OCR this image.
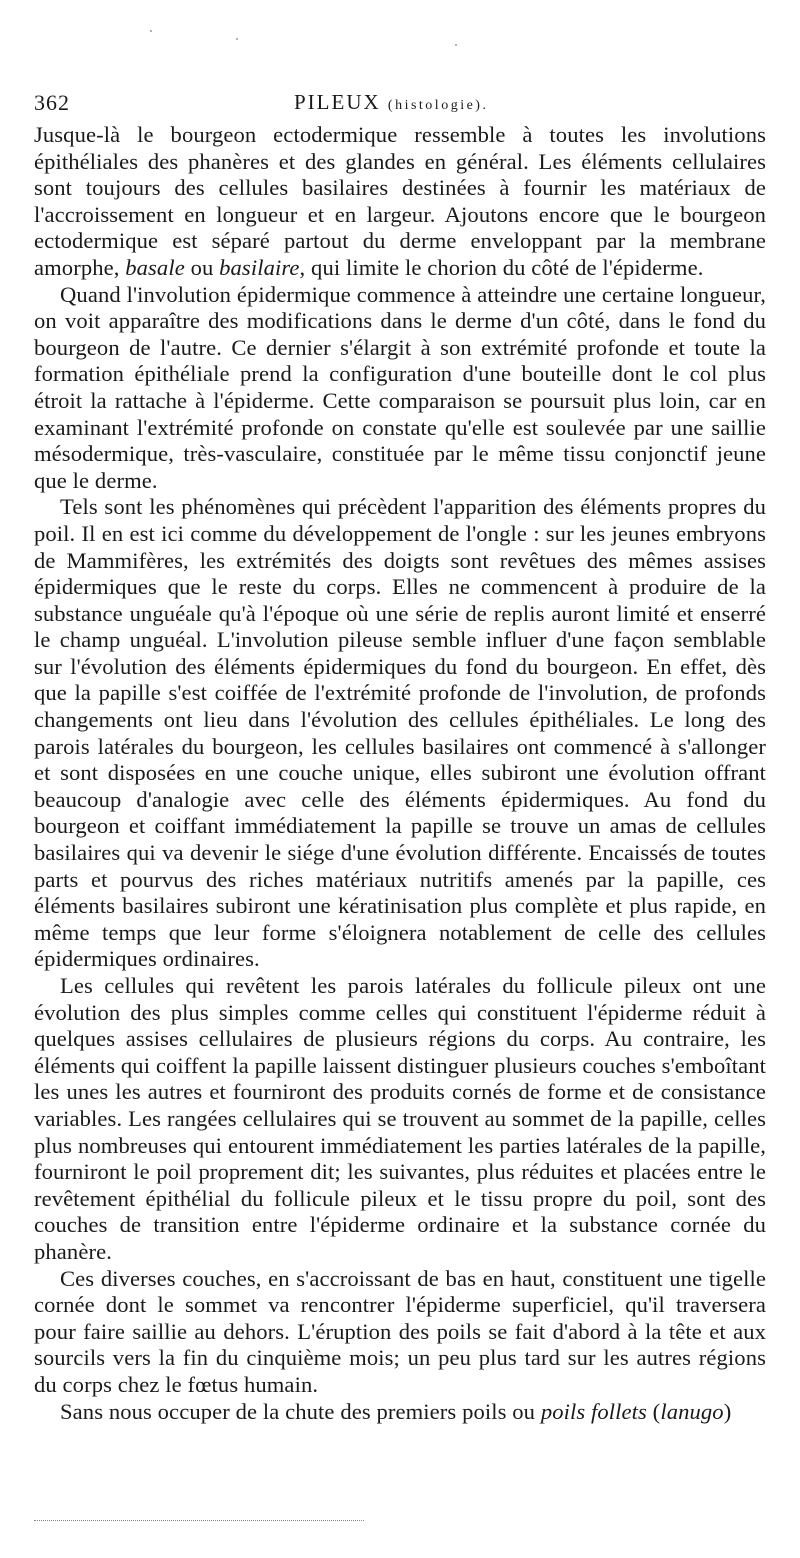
362	PILEUX (histologie).

Jusque-là le bourgeon ectodermique ressemble à toutes les involutions épithéliales des phanères et des glandes en général. Les éléments cellulaires sont toujours des cellules basilaires destinées à fournir les matériaux de l'accroissement en longueur et en largeur. Ajoutons encore que le bourgeon ectodermique est séparé partout du derme enveloppant par la membrane amorphe, basale ou basilaire, qui limite le chorion du côté de l'épiderme.

Quand l'involution épidermique commence à atteindre une certaine longueur, on voit apparaître des modifications dans le derme d'un côté, dans le fond du bourgeon de l'autre. Ce dernier s'élargit à son extrémité profonde et toute la formation épithéliale prend la configuration d'une bouteille dont le col plus étroit la rattache à l'épiderme. Cette comparaison se poursuit plus loin, car en examinant l'extrémité profonde on constate qu'elle est soulevée par une saillie mésodermique, très-vasculaire, constituée par le même tissu conjonctif jeune que le derme.

Tels sont les phénomènes qui précèdent l'apparition des éléments propres du poil. Il en est ici comme du développement de l'ongle : sur les jeunes embryons de Mammifères, les extrémités des doigts sont revêtues des mêmes assises épidermiques que le reste du corps. Elles ne commencent à produire de la substance unguéale qu'à l'époque où une série de replis auront limité et enserré le champ unguéal. L'involution pileuse semble influer d'une façon semblable sur l'évolution des éléments épidermiques du fond du bourgeon. En effet, dès que la papille s'est coiffée de l'extrémité profonde de l'involution, de profonds changements ont lieu dans l'évolution des cellules épithéliales. Le long des parois latérales du bourgeon, les cellules basilaires ont commencé à s'allonger et sont disposées en une couche unique, elles subiront une évolution offrant beaucoup d'analogie avec celle des éléments épidermiques. Au fond du bourgeon et coiffant immédiatement la papille se trouve un amas de cellules basilaires qui va devenir le siége d'une évolution différente. Encaissés de toutes parts et pourvus des riches matériaux nutritifs amenés par la papille, ces éléments basilaires subiront une kératinisation plus complète et plus rapide, en même temps que leur forme s'éloignera notablement de celle des cellules épidermiques ordinaires.

Les cellules qui revêtent les parois latérales du follicule pileux ont une évolution des plus simples comme celles qui constituent l'épiderme réduit à quelques assises cellulaires de plusieurs régions du corps. Au contraire, les éléments qui coiffent la papille laissent distinguer plusieurs couches s'emboîtant les unes les autres et fourniront des produits cornés de forme et de consistance variables. Les rangées cellulaires qui se trouvent au sommet de la papille, celles plus nombreuses qui entourent immédiatement les parties latérales de la papille, fourniront le poil proprement dit; les suivantes, plus réduites et placées entre le revêtement épithélial du follicule pileux et le tissu propre du poil, sont des couches de transition entre l'épiderme ordinaire et la substance cornée du phanère.

Ces diverses couches, en s'accroissant de bas en haut, constituent une tigelle cornée dont le sommet va rencontrer l'épiderme superficiel, qu'il traversera pour faire saillie au dehors. L'éruption des poils se fait d'abord à la tête et aux sourcils vers la fin du cinquième mois; un peu plus tard sur les autres régions du corps chez le fœtus humain.

Sans nous occuper de la chute des premiers poils ou poils follets (lanugo)
